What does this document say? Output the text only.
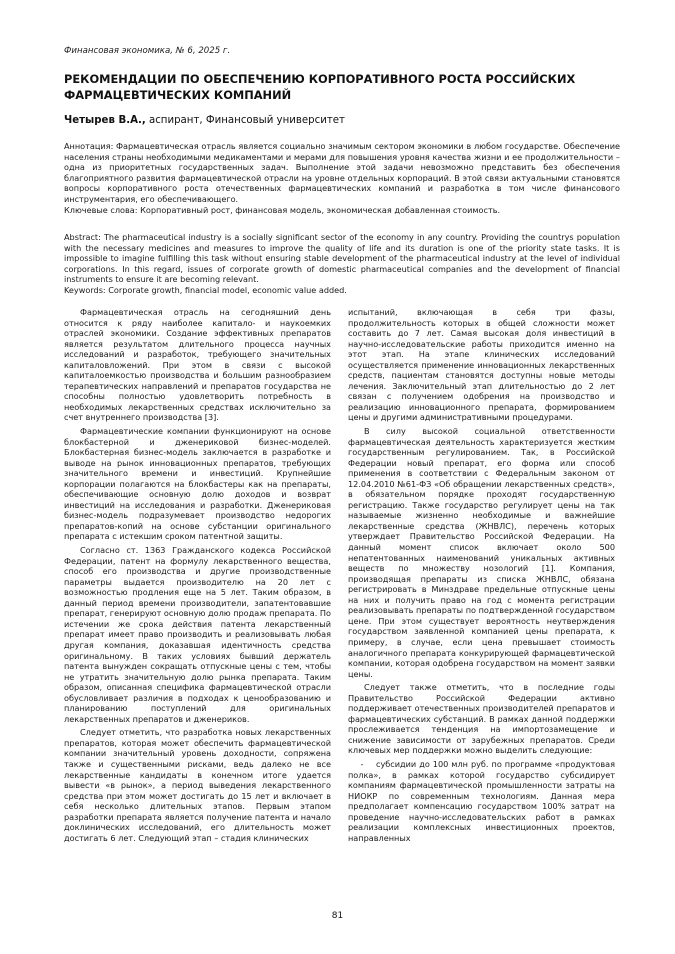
Финансовая экономика, № 6, 2025 г.
РЕКОМЕНДАЦИИ ПО ОБЕСПЕЧЕНИЮ КОРПОРАТИВНОГО РОСТА РОССИЙСКИХ ФАРМАЦЕВТИЧЕСКИХ КОМПАНИЙ
Четырев В.А., аспирант, Финансовый университет

Аннотация: Фармацевтическая отрасль является социально значимым сектором экономики в любом государстве. Обеспечение населения страны необходимыми медикаментами и мерами для повышения уровня качества жизни и ее продолжительности – одна из приоритетных государственных задач. Выполнение этой задачи невозможно представить без обеспечения благоприятного развития фармацевтической отрасли на уровне отдельных корпораций. В этой связи актуальными становятся вопросы корпоративного роста отечественных фармацевтических компаний и разработка в том числе финансового инструментария, его обеспечивающего.

Ключевые слова: Корпоративный рост, финансовая модель, экономическая добавленная стоимость.

Abstract: The pharmaceutical industry is a socially significant sector of the economy in any country. Providing the countrys population with the necessary medicines and measures to improve the quality of life and its duration is one of the priority state tasks. It is impossible to imagine fulfilling this task without ensuring stable development of the pharmaceutical industry at the level of individual corporations. In this regard, issues of corporate growth of domestic pharmaceutical companies and the development of financial instruments to ensure it are becoming relevant.

Keywords: Corporate growth, financial model, economic value added.

Фармацевтическая отрасль на сегодняшний день относится к ряду наиболее капитало- и наукоемких отраслей экономики. Создание эффективных препаратов является результатом длительного процесса научных исследований и разработок, требующего значительных капиталовложений. При этом в связи с высокой капиталоемкостью производства и большим разнообразием терапевтических направлений и препаратов государства не способны полностью удовлетворить потребность в необходимых лекарственных средствах исключительно за счет внутреннего производства [3].

Фармацевтические компании функционируют на основе блокбастерной и дженериковой бизнес-моделей. Блокбастерная бизнес-модель заключается в разработке и выводе на рынок инновационных препаратов, требующих значительного времени и инвестиций. Крупнейшие корпорации полагаются на блокбастеры как на препараты, обеспечивающие основную долю доходов и возврат инвестиций на исследования и разработки. Дженериковая бизнес-модель подразумевает производство недорогих препаратов-копий на основе субстанции оригинального препарата с истекшим сроком патентной защиты.

Согласно ст. 1363 Гражданского кодекса Российской Федерации, патент на формулу лекарственного вещества, способ его производства и другие производственные параметры выдается производителю на 20 лет с возможностью продления еще на 5 лет. Таким образом, в данный период времени производители, запатентовавшие препарат, генерируют основную долю продаж препарата. По истечении же срока действия патента лекарственный препарат имеет право производить и реализовывать любая другая компания, доказавшая идентичность средства оригинальному. В таких условиях бывший держатель патента вынужден сокращать отпускные цены с тем, чтобы не утратить значительную долю рынка препарата. Таким образом, описанная специфика фармацевтической отрасли обусловливает различия в подходах к ценообразованию и планированию поступлений для оригинальных лекарственных препаратов и дженериков.

Следует отметить, что разработка новых лекарственных препаратов, которая может обеспечить фармацевтической компании значительный уровень доходности, сопряжена также и существенными рисками, ведь далеко не все лекарственные кандидаты в конечном итоге удается вывести «в рынок», а период выведения лекарственного средства при этом может достигать до 15 лет и включает в себя несколько длительных этапов. Первым этапом разработки препарата является получение патента и начало доклинических исследований, его длительность может достигать 6 лет. Следующий этап – стадия клинических

испытаний, включающая в себя три фазы, продолжительность которых в общей сложности может составить до 7 лет. Самая высокая доля инвестиций в научно-исследовательские работы приходится именно на этот этап. На этапе клинических исследований осуществляется применение инновационных лекарственных средств, пациентам становятся доступны новые методы лечения. Заключительный этап длительностью до 2 лет связан с получением одобрения на производство и реализацию инновационного препарата, формированием цены и другими административными процедурами.

В силу высокой социальной ответственности фармацевтическая деятельность характеризуется жестким государственным регулированием. Так, в Российской Федерации новый препарат, его форма или способ применения в соответствии с Федеральным законом от 12.04.2010 №61-ФЗ «Об обращении лекарственных средств», в обязательном порядке проходят государственную регистрацию. Также государство регулирует цены на так называемые жизненно необходимые и важнейшие лекарственные средства (ЖНВЛС), перечень которых утверждает Правительство Российской Федерации. На данный момент список включает около 500 непатентованных наименований уникальных активных веществ по множеству нозологий [1]. Компания, производящая препараты из списка ЖНВЛС, обязана регистрировать в Минздраве предельные отпускные цены на них и получить право на год с момента регистрации реализовывать препараты по подтвержденной государством цене. При этом существует вероятность неутверждения государством заявленной компанией цены препарата, к примеру, в случае, если цена превышает стоимость аналогичного препарата конкурирующей фармацевтической компании, которая одобрена государством на момент заявки цены.

Следует также отметить, что в последние годы Правительство Российской Федерации активно поддерживает отечественных производителей препаратов и фармацевтических субстанций. В рамках данной поддержки прослеживается тенденция на импортозамещение и снижение зависимости от зарубежных препаратов. Среди ключевых мер поддержки можно выделить следующие:

- субсидии до 100 млн руб. по программе «продуктовая полка», в рамках которой государство субсидирует компаниям фармацевтической промышленности затраты на НИОКР по современным технологиям. Данная мера предполагает компенсацию государством 100% затрат на проведение научно-исследовательских работ в рамках реализации комплексных инвестиционных проектов, направленных

81
